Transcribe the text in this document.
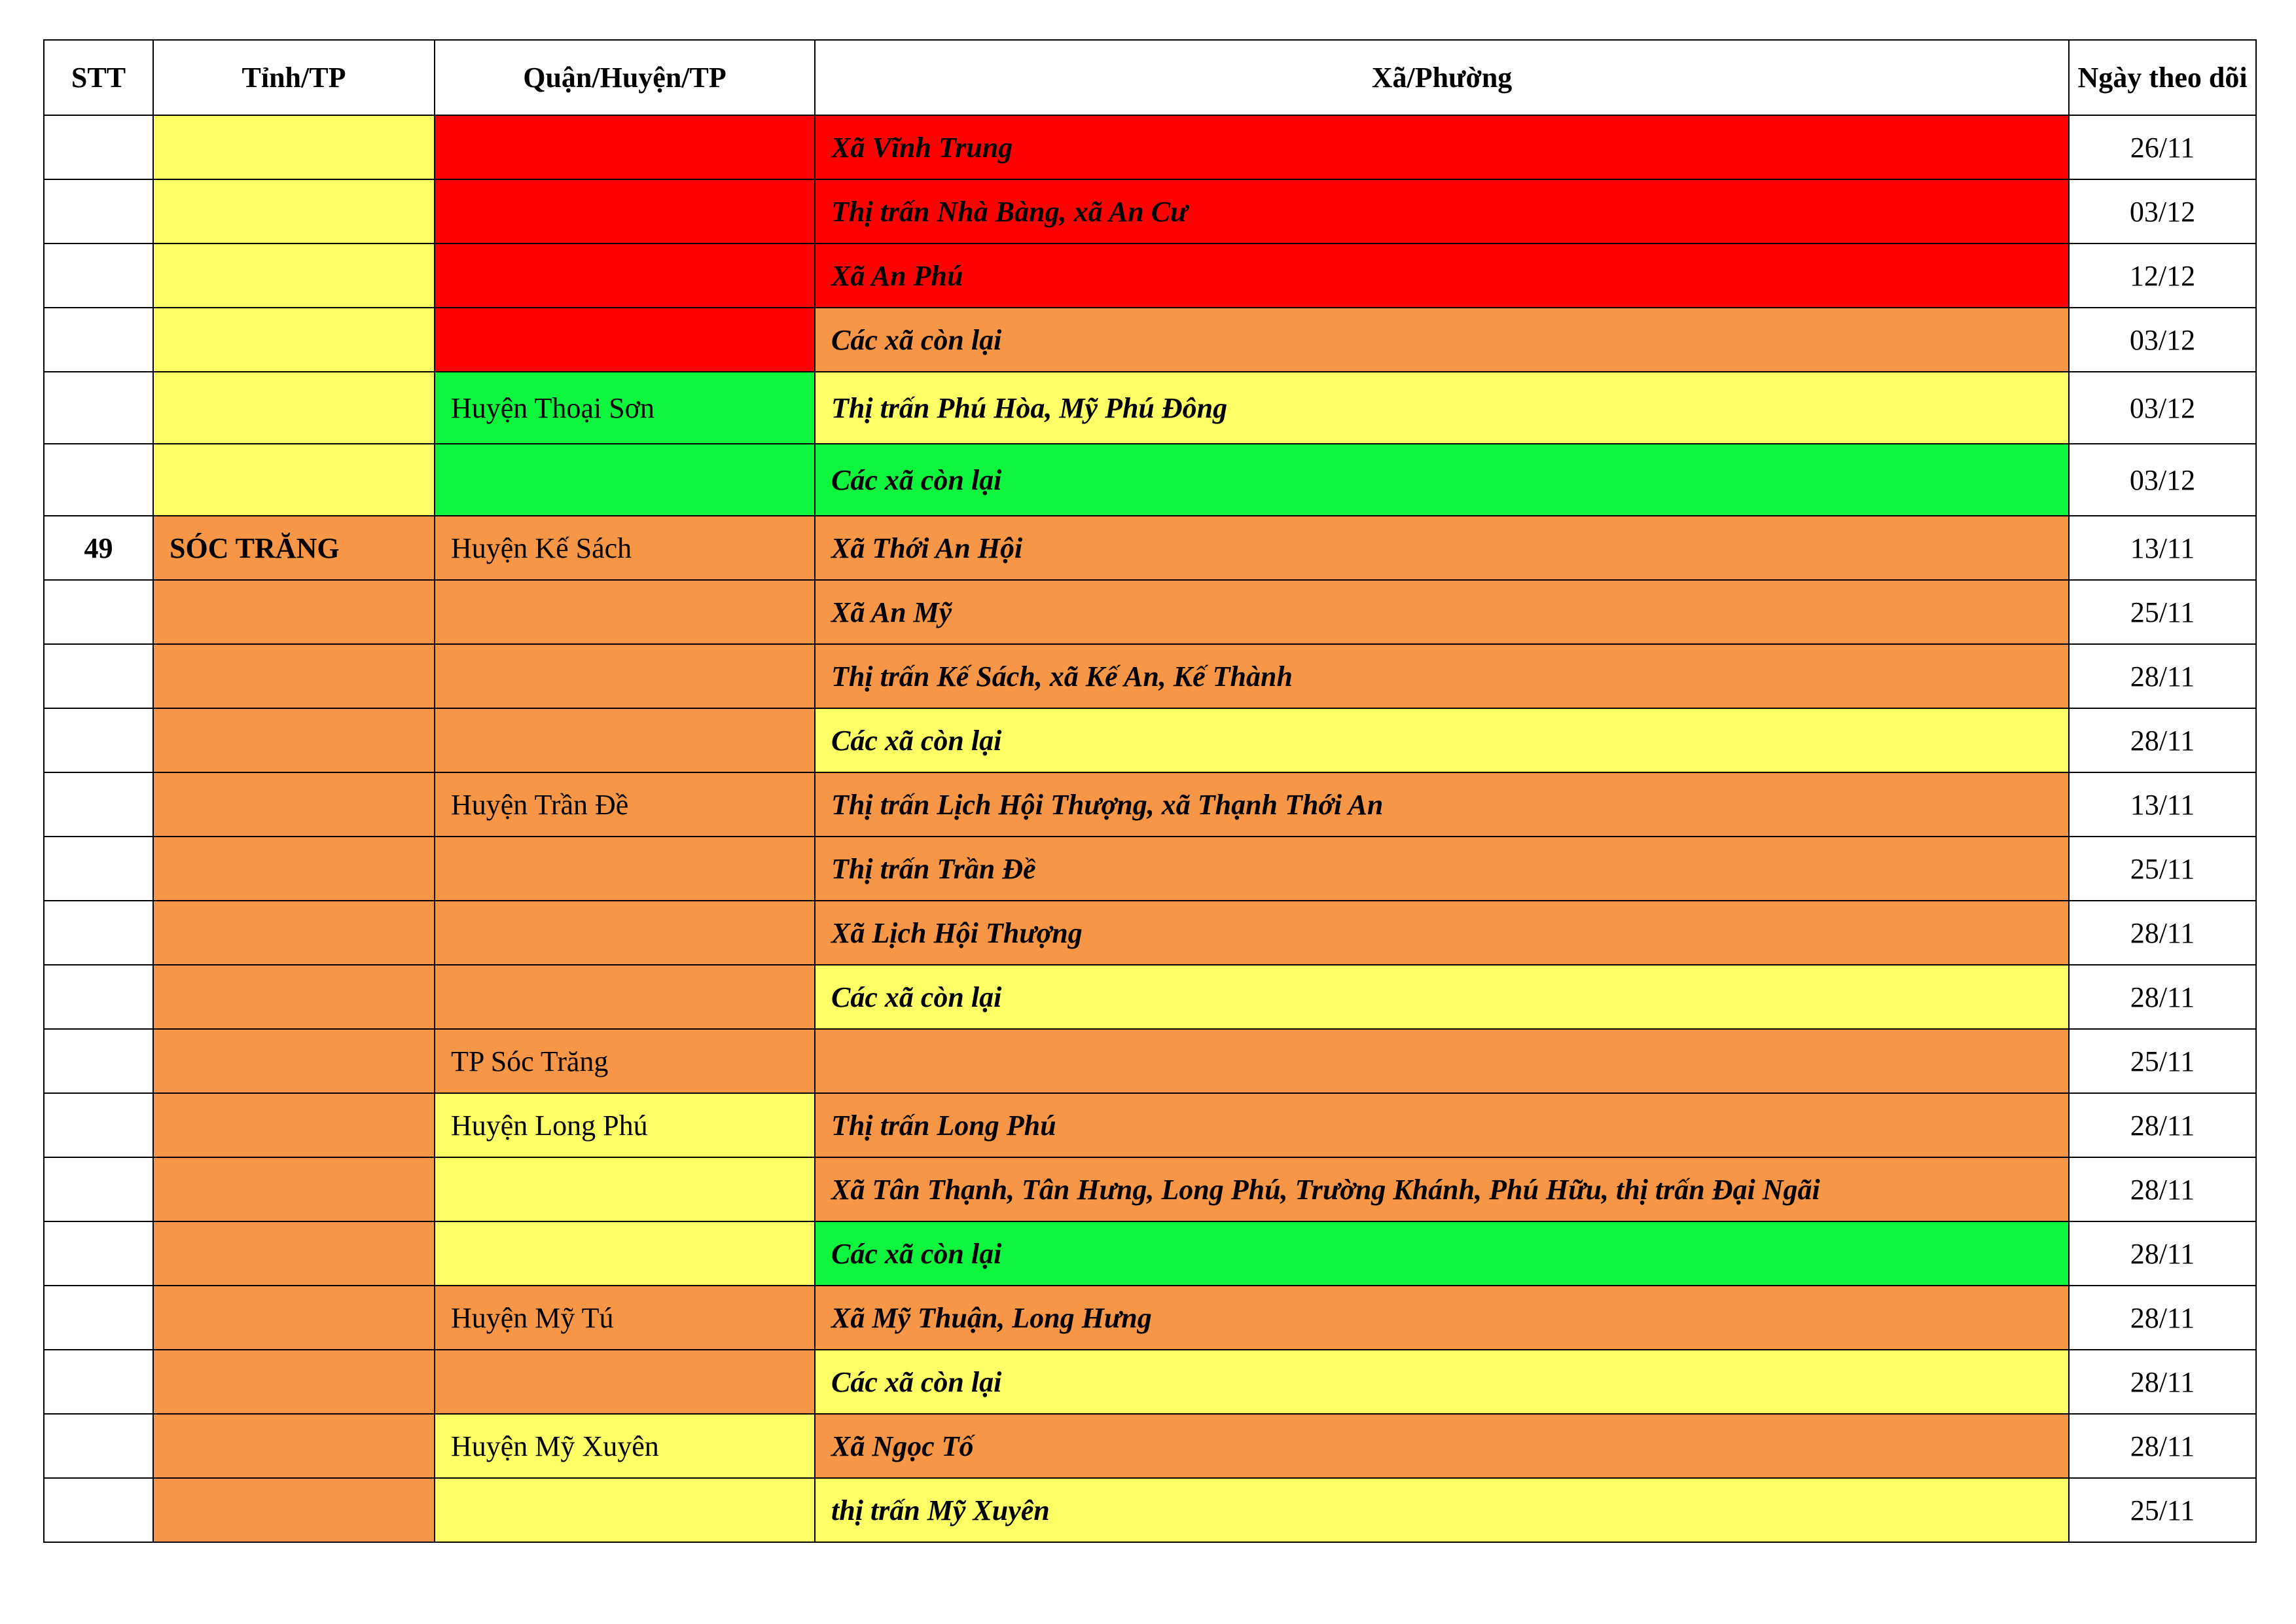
STT	Tỉnh/TP	Quận/Huyện/TP	Xã/Phường	Ngày theo dõi
			Xã Vĩnh Trung	26/11
			Thị trấn Nhà Bàng, xã An Cư	03/12
			Xã An Phú	12/12
			Các xã còn lại	03/12
		Huyện Thoại Sơn	Thị trấn Phú Hòa, Mỹ Phú Đông	03/12
			Các xã còn lại	03/12
49	SÓC TRĂNG	Huyện Kế Sách	Xã Thới An Hội	13/11
			Xã An Mỹ	25/11
			Thị trấn Kế Sách, xã Kế An, Kế Thành	28/11
			Các xã còn lại	28/11
		Huyện Trần Đề	Thị trấn Lịch Hội Thượng, xã Thạnh Thới An	13/11
			Thị trấn Trần Đề	25/11
			Xã Lịch Hội Thượng	28/11
			Các xã còn lại	28/11
		TP Sóc Trăng		25/11
		Huyện Long Phú	Thị trấn Long Phú	28/11
			Xã Tân Thạnh, Tân Hưng, Long Phú, Trường Khánh, Phú Hữu, thị trấn Đại Ngãi	28/11
			Các xã còn lại	28/11
		Huyện Mỹ Tú	Xã Mỹ Thuận, Long Hưng	28/11
			Các xã còn lại	28/11
		Huyện Mỹ Xuyên	Xã Ngọc Tố	28/11
			thị trấn Mỹ Xuyên	25/11
